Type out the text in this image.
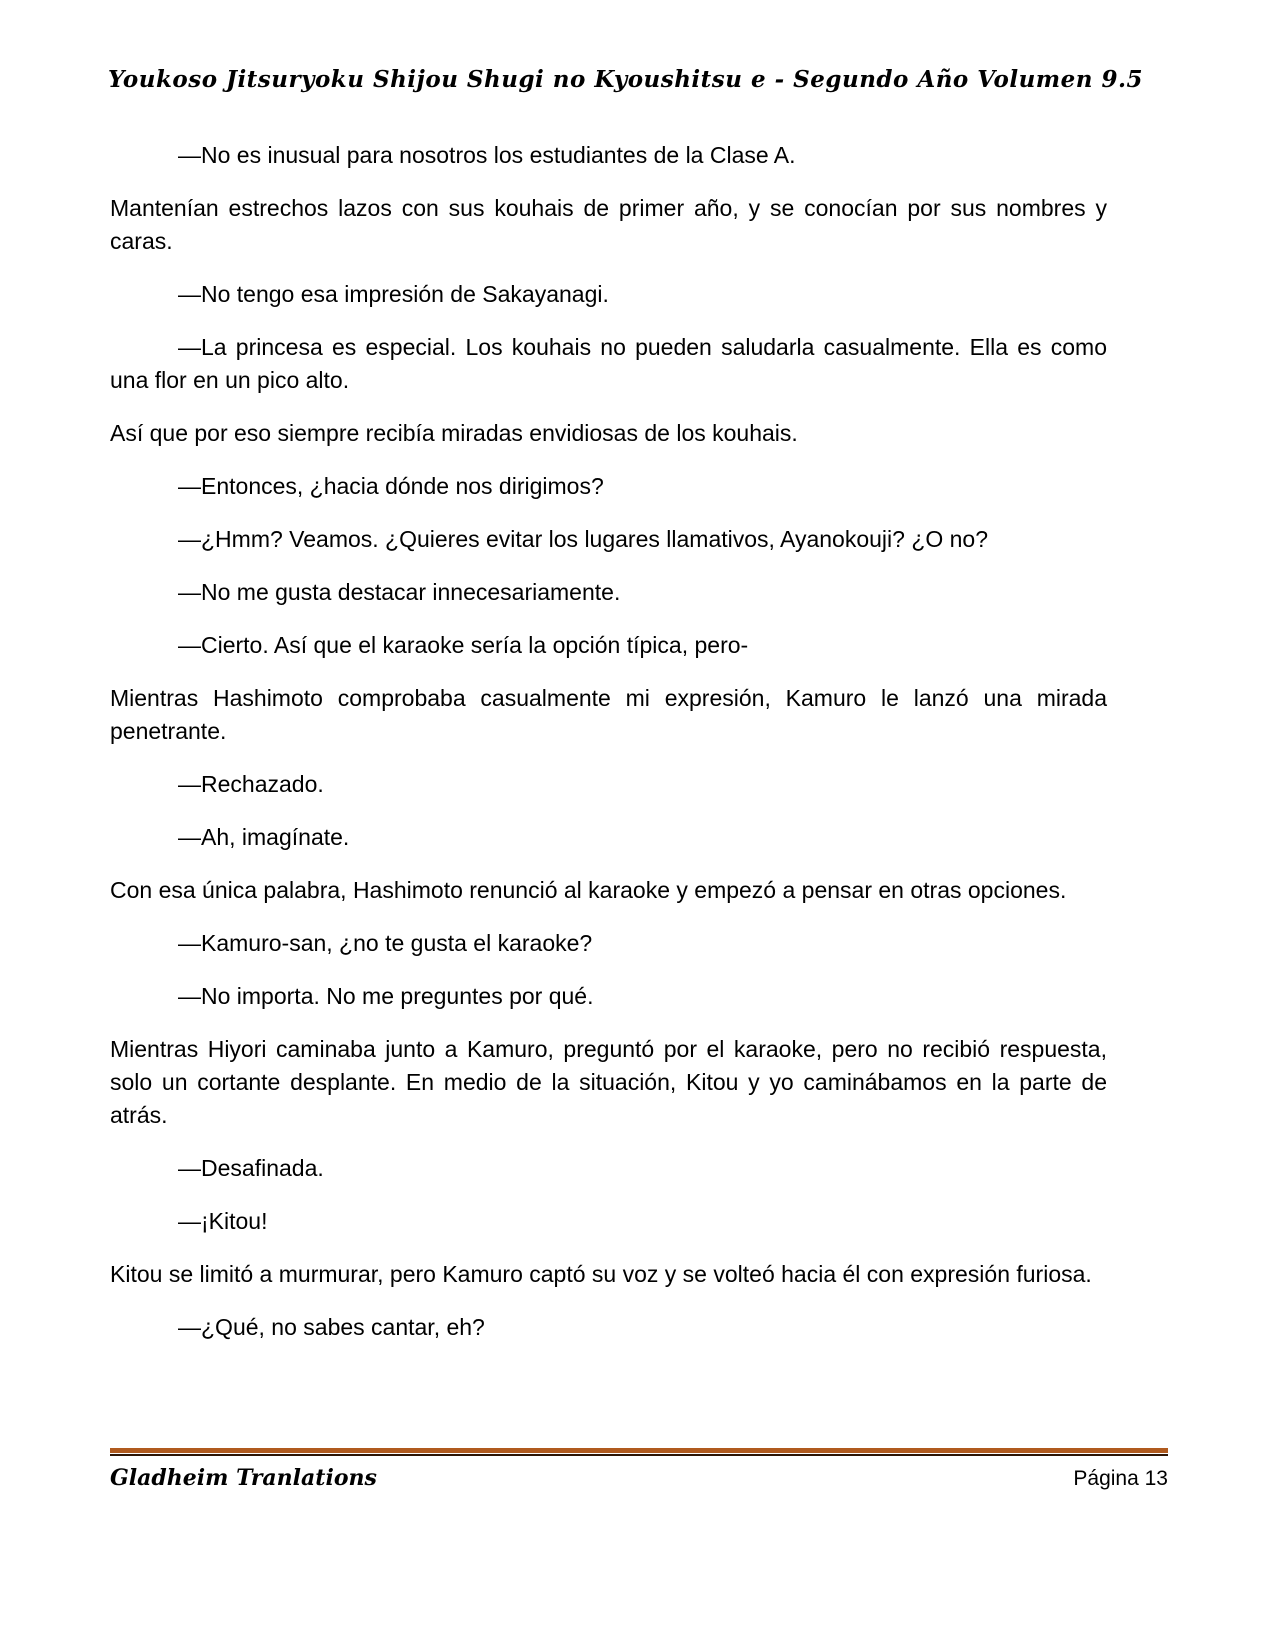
Youkoso Jitsuryoku Shijou Shugi no Kyoushitsu e - Segundo Año Volumen 9.5

—No es inusual para nosotros los estudiantes de la Clase A.

Mantenían estrechos lazos con sus kouhais de primer año, y se conocían por sus nombres y caras.

—No tengo esa impresión de Sakayanagi.

—La princesa es especial. Los kouhais no pueden saludarla casualmente. Ella es como una flor en un pico alto.

Así que por eso siempre recibía miradas envidiosas de los kouhais.

—Entonces, ¿hacia dónde nos dirigimos?

—¿Hmm? Veamos. ¿Quieres evitar los lugares llamativos, Ayanokouji? ¿O no?

—No me gusta destacar innecesariamente.

—Cierto. Así que el karaoke sería la opción típica, pero-

Mientras Hashimoto comprobaba casualmente mi expresión, Kamuro le lanzó una mirada penetrante.

—Rechazado.

—Ah, imagínate.

Con esa única palabra, Hashimoto renunció al karaoke y empezó a pensar en otras opciones.

—Kamuro-san, ¿no te gusta el karaoke?

—No importa. No me preguntes por qué.

Mientras Hiyori caminaba junto a Kamuro, preguntó por el karaoke, pero no recibió respuesta, solo un cortante desplante. En medio de la situación, Kitou y yo caminábamos en la parte de atrás.

—Desafinada.

—¡Kitou!

Kitou se limitó a murmurar, pero Kamuro captó su voz y se volteó hacia él con expresión furiosa.

—¿Qué, no sabes cantar, eh?

Gladheim Tranlations	Página 13
